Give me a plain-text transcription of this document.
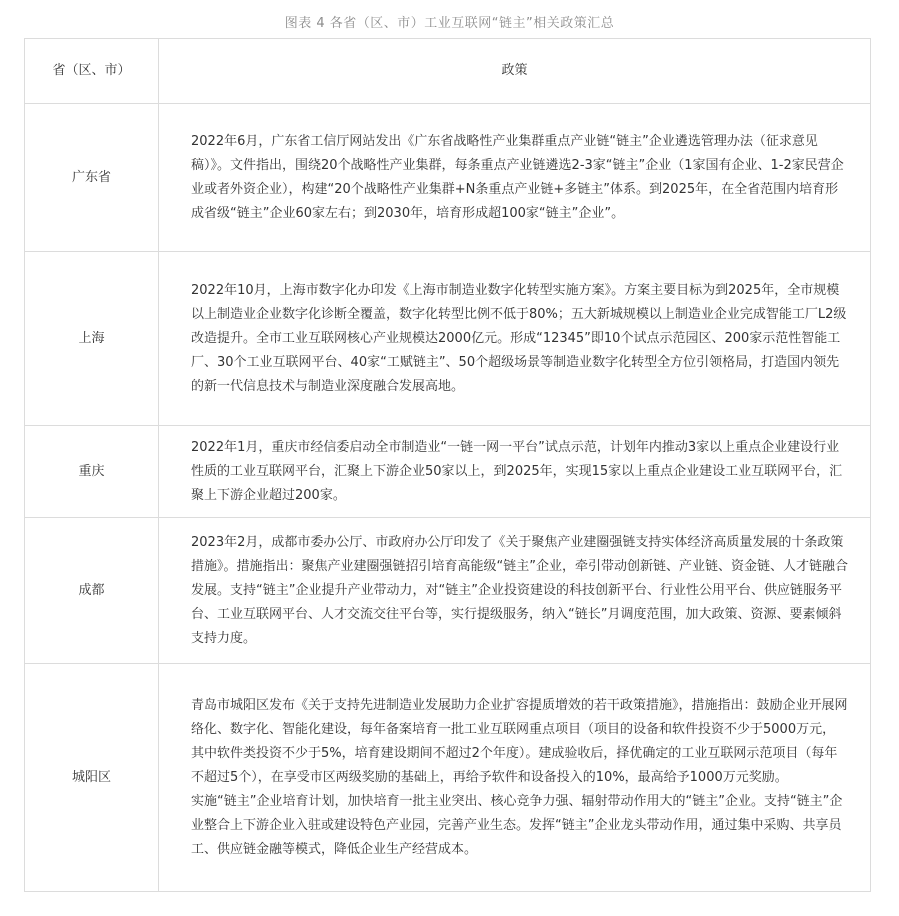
图表 4 各省（区、市）工业互联网“链主”相关政策汇总
省（区、市）	政策
广东省	2022年6月，广东省工信厅网站发出《广东省战略性产业集群重点产业链“链主”企业遴选管理办法（征求意见稿）》。文件指出，围绕20个战略性产业集群，每条重点产业链遴选2-3家“链主”企业（1家国有企业、1-2家民营企业或者外资企业），构建“20个战略性产业集群+N条重点产业链+多链主”体系。到2025年，在全省范围内培育形成省级“链主”企业60家左右；到2030年，培育形成超100家“链主”企业”。

上海	2022年10月，上海市数字化办印发《上海市制造业数字化转型实施方案》。方案主要目标为到2025年，全市规模以上制造业企业数字化诊断全覆盖，数字化转型比例不低于80%；五大新城规模以上制造业企业完成智能工厂L2级改造提升。全市工业互联网核心产业规模达2000亿元。形成“12345”即10个试点示范园区、200家示范性智能工厂、30个工业互联网平台、40家“工赋链主”、50个超级场景等制造业数字化转型全方位引领格局，打造国内领先的新一代信息技术与制造业深度融合发展高地。

重庆	2022年1月，重庆市经信委启动全市制造业“一链一网一平台”试点示范，计划年内推动3家以上重点企业建设行业性质的工业互联网平台，汇聚上下游企业50家以上，到2025年，实现15家以上重点企业建设工业互联网平台，汇聚上下游企业超过200家。

成都	2023年2月，成都市委办公厅、市政府办公厅印发了《关于聚焦产业建圈强链支持实体经济高质量发展的十条政策措施》。措施指出：聚焦产业建圈强链招引培育高能级“链主”企业，牵引带动创新链、产业链、资金链、人才链融合发展。支持“链主”企业提升产业带动力，对“链主”企业投资建设的科技创新平台、行业性公用平台、供应链服务平台、工业互联网平台、人才交流交往平台等，实行提级服务，纳入“链长”月调度范围，加大政策、资源、要素倾斜支持力度。

城阳区	青岛市城阳区发布《关于支持先进制造业发展助力企业扩容提质增效的若干政策措施》，措施指出：鼓励企业开展网络化、数字化、智能化建设，每年备案培育一批工业互联网重点项目（项目的设备和软件投资不少于5000万元，其中软件类投资不少于5%，培育建设期间不超过2个年度）。建成验收后，择优确定的工业互联网示范项目（每年不超过5个），在享受市区两级奖励的基础上，再给予软件和设备投入的10%，最高给予1000万元奖励。
实施“链主”企业培育计划，加快培育一批主业突出、核心竞争力强、辐射带动作用大的“链主”企业。支持“链主”企业整合上下游企业入驻或建设特色产业园，完善产业生态。发挥“链主”企业龙头带动作用，通过集中采购、共享员工、供应链金融等模式，降低企业生产经营成本。
